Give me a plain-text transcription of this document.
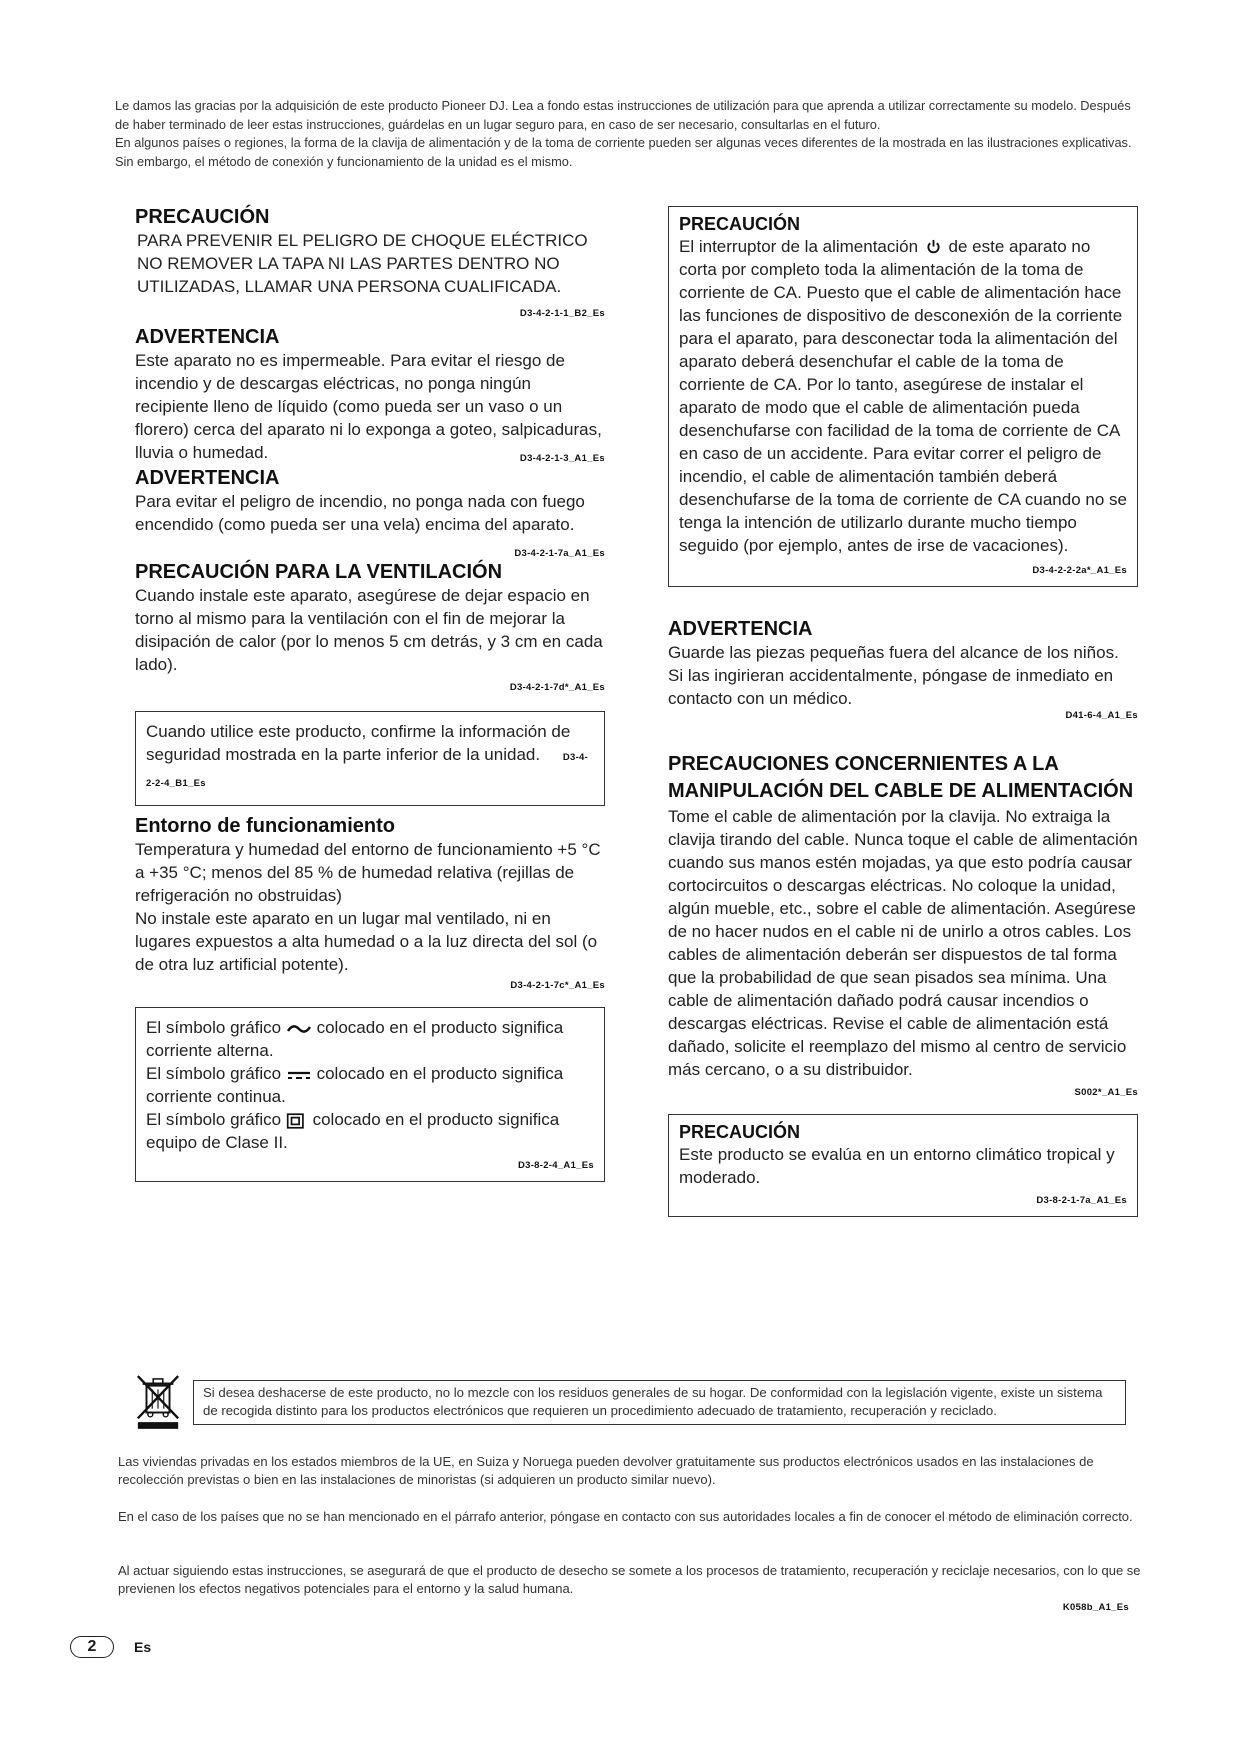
Le damos las gracias por la adquisición de este producto Pioneer DJ. Lea a fondo estas instrucciones de utilización para que aprenda a utilizar correctamente su modelo. Después de haber terminado de leer estas instrucciones, guárdelas en un lugar seguro para, en caso de ser necesario, consultarlas en el futuro.

En algunos países o regiones, la forma de la clavija de alimentación y de la toma de corriente pueden ser algunas veces diferentes de la mostrada en las ilustraciones explicativas. Sin embargo, el método de conexión y funcionamiento de la unidad es el mismo.

PRECAUCIÓN

PARA PREVENIR EL PELIGRO DE CHOQUE ELÉCTRICO NO REMOVER LA TAPA NI LAS PARTES DENTRO NO UTILIZADAS, LLAMAR UNA PERSONA CUALIFICADA.

D3-4-2-1-1_B2_Es
ADVERTENCIA

Este aparato no es impermeable. Para evitar el riesgo de incendio y de descargas eléctricas, no ponga ningún recipiente lleno de líquido (como pueda ser un vaso o un florero) cerca del aparato ni lo exponga a goteo, salpicaduras, lluvia o humedad.	D3-4-2-1-3_A1_Es

ADVERTENCIA

Para evitar el peligro de incendio, no ponga nada con fuego encendido (como pueda ser una vela) encima del aparato.
D3-4-2-1-7a_A1_Es

PRECAUCIÓN PARA LA VENTILACIÓN

Cuando instale este aparato, asegúrese de dejar espacio en torno al mismo para la ventilación con el fin de mejorar la disipación de calor (por lo menos 5 cm detrás, y 3 cm en cada lado).

D3-4-2-1-7d*_A1_Es

Cuando utilice este producto, confirme la información de seguridad mostrada en la parte inferior de la unidad. D3-4-2-2-4_B1_Es

Entorno de funcionamiento

Temperatura y humedad del entorno de funcionamiento +5 °C a +35 °C; menos del 85 % de humedad relativa (rejillas de refrigeración no obstruidas)

No instale este aparato en un lugar mal ventilado, ni en lugares expuestos a alta humedad o a la luz directa del sol (o de otra luz artificial potente).

D3-4-2-1-7c*_A1_Es

El símbolo gráfico colocado en el producto significa corriente alterna.

El símbolo gráfico colocado en el producto significa corriente continua.

El símbolo gráfico colocado en el producto significa equipo de Clase II.

D3-8-2-4_A1_Es
PRECAUCIÓN

El interruptor de la alimentación de este aparato no corta por completo toda la alimentación de la toma de corriente de CA. Puesto que el cable de alimentación hace las funciones de dispositivo de desconexión de la corriente para el aparato, para desconectar toda la alimentación del aparato deberá desenchufar el cable de la toma de corriente de CA. Por lo tanto, asegúrese de instalar el aparato de modo que el cable de alimentación pueda desenchufarse con facilidad de la toma de corriente de CA en caso de un accidente. Para evitar correr el peligro de incendio, el cable de alimentación también deberá desenchufarse de la toma de corriente de CA cuando no se tenga la intención de utilizarlo durante mucho tiempo seguido (por ejemplo, antes de irse de vacaciones).

D3-4-2-2-2a*_A1_Es
ADVERTENCIA

Guarde las piezas pequeñas fuera del alcance de los niños. Si las ingirieran accidentalmente, póngase de inmediato en contacto con un médico.

D41-6-4_A1_Es
PRECAUCIONES CONCERNIENTES A LA MANIPULACIÓN DEL CABLE DE ALIMENTACIÓN

Tome el cable de alimentación por la clavija. No extraiga la clavija tirando del cable. Nunca toque el cable de alimentación cuando sus manos estén mojadas, ya que esto podría causar cortocircuitos o descargas eléctricas. No coloque la unidad, algún mueble, etc., sobre el cable de alimentación. Asegúrese de no hacer nudos en el cable ni de unirlo a otros cables. Los cables de alimentación deberán ser dispuestos de tal forma que la probabilidad de que sean pisados sea mínima. Una cable de alimentación dañado podrá causar incendios o descargas eléctricas. Revise el cable de alimentación está dañado, solicite el reemplazo del mismo al centro de servicio más cercano, o a su distribuidor.

S002*_A1_Es
PRECAUCIÓN

Este producto se evalúa en un entorno climático tropical y moderado.

D3-8-2-1-7a_A1_Es
Si desea deshacerse de este producto, no lo mezcle con los residuos generales de su hogar. De conformidad con la legislación vigente, existe un sistema de recogida distinto para los productos electrónicos que requieren un procedimiento adecuado de tratamiento, recuperación y reciclado.

Las viviendas privadas en los estados miembros de la UE, en Suiza y Noruega pueden devolver gratuitamente sus productos electrónicos usados en las instalaciones de recolección previstas o bien en las instalaciones de minoristas (si adquieren un producto similar nuevo).

En el caso de los países que no se han mencionado en el párrafo anterior, póngase en contacto con sus autoridades locales a fin de conocer el método de eliminación correcto.

Al actuar siguiendo estas instrucciones, se asegurará de que el producto de desecho se somete a los procesos de tratamiento, recuperación y reciclaje necesarios, con lo que se previenen los efectos negativos potenciales para el entorno y la salud humana.

K058b_A1_Es
2	Es
